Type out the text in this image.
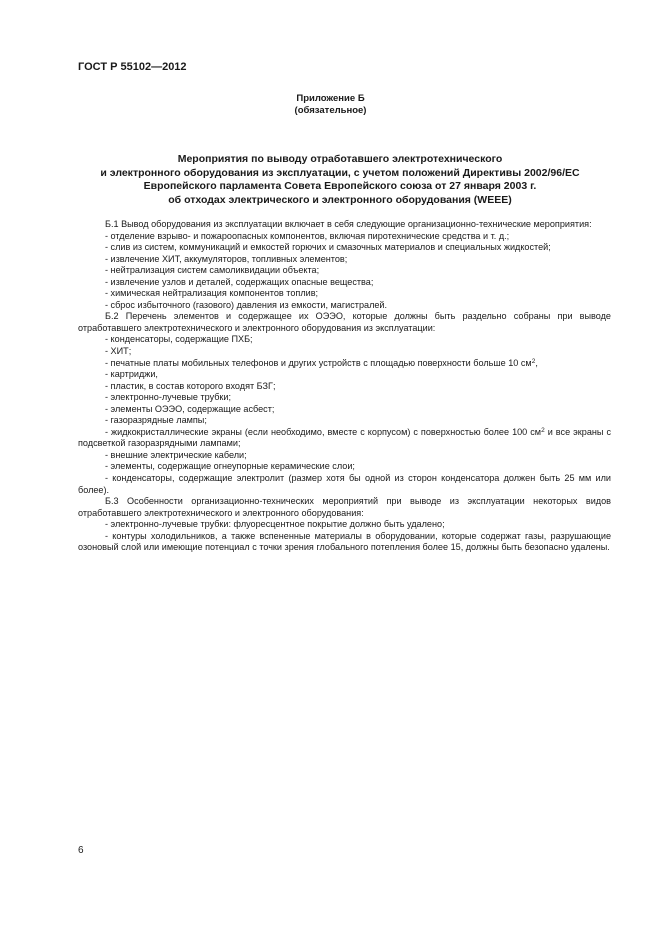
ГОСТ Р 55102—2012
Приложение Б
(обязательное)
Мероприятия по выводу отработавшего электротехнического
и электронного оборудования из эксплуатации, с учетом положений Директивы 2002/96/ЕС
Европейского парламента Совета Европейского союза от 27 января 2003 г.
об отходах электрического и электронного оборудования (WEEE)

Б.1 Вывод оборудования из эксплуатации включает в себя следующие организационно-технические мероприятия:

- отделение взрыво- и пожароопасных компонентов, включая пиротехнические средства и т. д.;

- слив из систем, коммуникаций и емкостей горючих и смазочных материалов и специальных жидкостей;

- извлечение ХИТ, аккумуляторов, топливных элементов;

- нейтрализация систем самоликвидации объекта;

- извлечение узлов и деталей, содержащих опасные вещества;

- химическая нейтрализация компонентов топлив;

- сброс избыточного (газового) давления из емкости, магистралей.

Б.2 Перечень элементов и содержащее их ОЭЭО, которые должны быть раздельно собраны при выводе отработавшего электротехнического и электронного оборудования из эксплуатации:

- конденсаторы, содержащие ПХБ;

- ХИТ;

- печатные платы мобильных телефонов и других устройств с площадью поверхности больше 10 $см^2$,

- картриджи,

- пластик, в состав которого входят БЗГ;

- электронно-лучевые трубки;

- элементы ОЭЭО, содержащие асбест;

- газоразрядные лампы;

- жидкокристаллические экраны (если необходимо, вместе с корпусом) с поверхностью более 100 $см^2$ и все экраны с подсветкой газоразрядными лампами;

- внешние электрические кабели;

- элементы, содержащие огнеупорные керамические слои;

- конденсаторы, содержащие электролит (размер хотя бы одной из сторон конденсатора должен быть 25 мм или более).

Б.3 Особенности организационно-технических мероприятий при выводе из эксплуатации некоторых видов отработавшего электротехнического и электронного оборудования:

- электронно-лучевые трубки: флуоресцентное покрытие должно быть удалено;

- контуры холодильников, а также вспененные материалы в оборудовании, которые содержат газы, разрушающие озоновый слой или имеющие потенциал с точки зрения глобального потепления более 15, должны быть безопасно удалены.

6
